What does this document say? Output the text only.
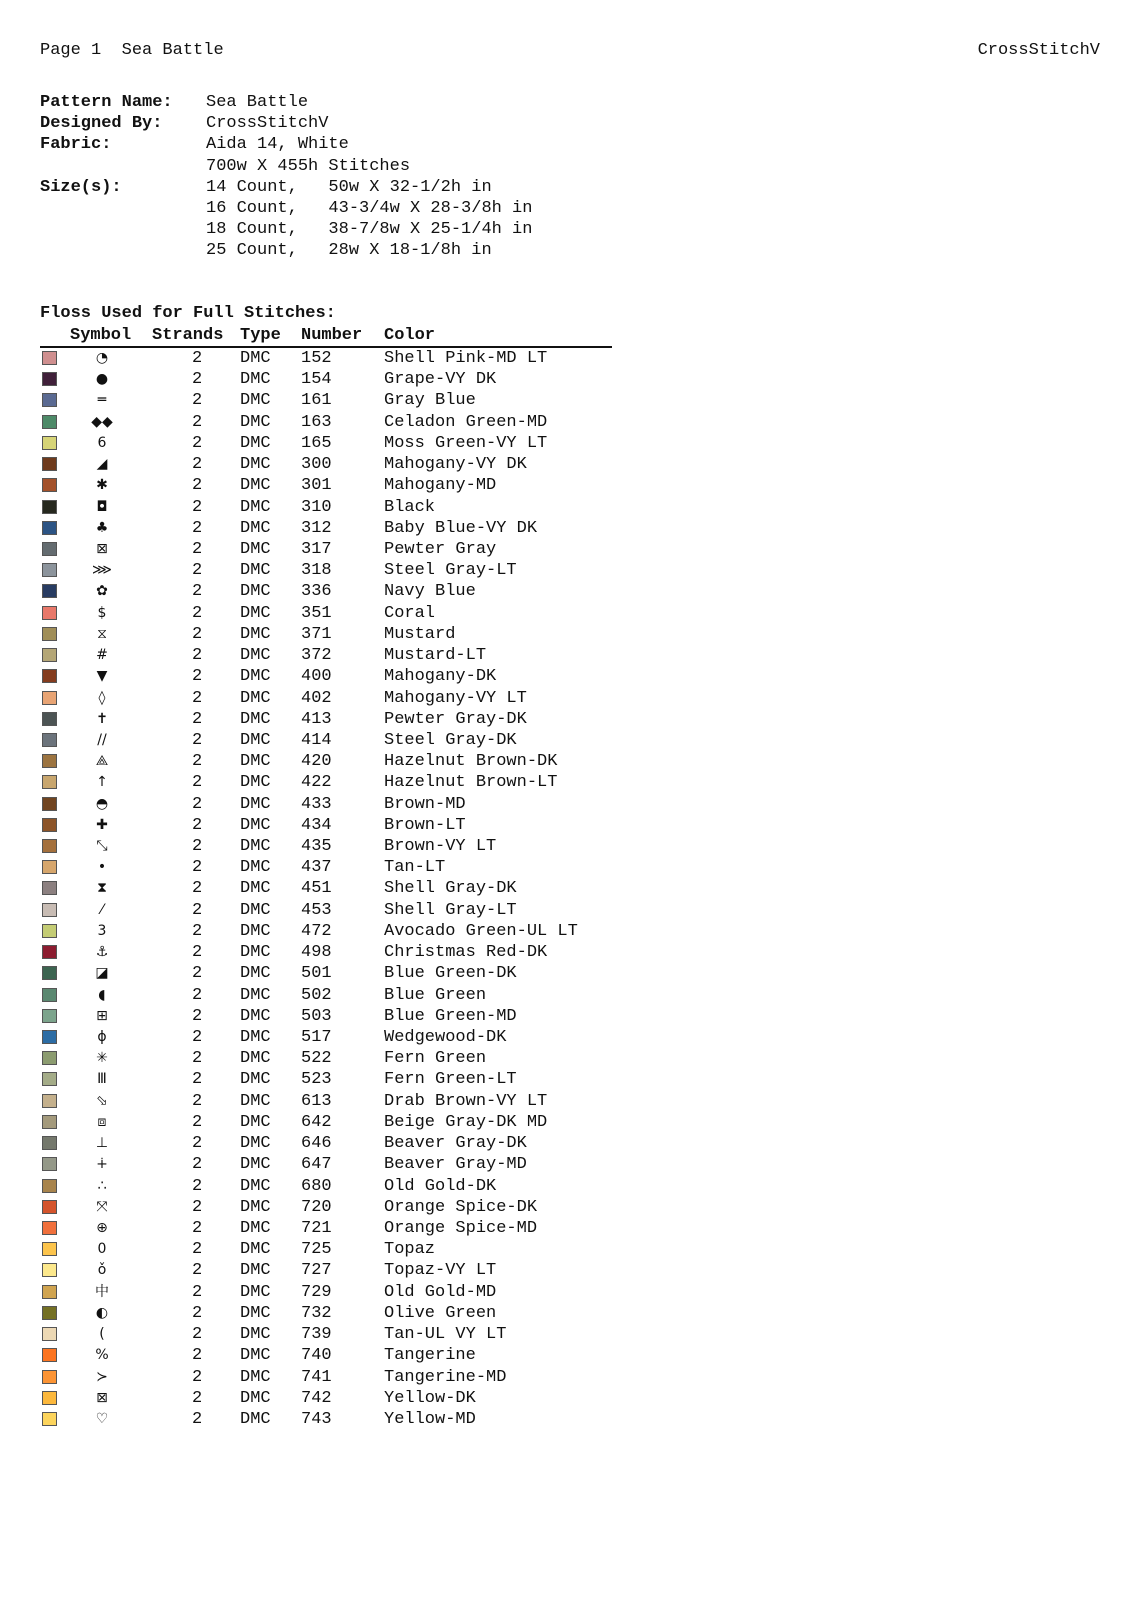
Page 1 Sea Battle	CrossStitchV
Pattern Name:	Sea Battle
Designed By:	CrossStitchV
Fabric:	Aida 14, White
700w X 455h Stitches
Size(s):	14 Count,   50w X 32-1/2h in
16 Count,   43-3/4w X 28-3/8h in
18 Count,   38-7/8w X 25-1/4h in
25 Count,   28w X 18-1/8h in
Floss Used for Full Stitches:
Symbol Strands Type Number Color
◔	2 DMC 152	Shell Pink-MD LT
●	2 DMC 154	Grape-VY DK
═	2 DMC 161	Gray Blue
◆◆	2 DMC 163	Celadon Green-MD
6	2 DMC 165	Moss Green-VY LT
◢	2 DMC 300	Mahogany-VY DK
✱	2 DMC 301	Mahogany-MD
◘	2 DMC 310	Black
♣	2 DMC 312	Baby Blue-VY DK
⊠	2 DMC 317	Pewter Gray
⋙	2 DMC 318	Steel Gray-LT
✿	2 DMC 336	Navy Blue
$	2 DMC 351	Coral
⧖	2 DMC 371	Mustard
#	2 DMC 372	Mustard-LT
▼	2 DMC 400	Mahogany-DK
◊	2 DMC 402	Mahogany-VY LT
✝	2 DMC 413	Pewter Gray-DK
//	2 DMC 414	Steel Gray-DK
⟁	2 DMC 420	Hazelnut Brown-DK
↑	2 DMC 422	Hazelnut Brown-LT
◓	2 DMC 433	Brown-MD
✚	2 DMC 434	Brown-LT
⤡	2 DMC 435	Brown-VY LT
•	2 DMC 437	Tan-LT
⧗	2 DMC 451	Shell Gray-DK
⁄	2 DMC 453	Shell Gray-LT
3	2 DMC 472	Avocado Green-UL LT
⚓	2 DMC 498	Christmas Red-DK
◪	2 DMC 501	Blue Green-DK
◖	2 DMC 502	Blue Green
⊞	2 DMC 503	Blue Green-MD
ɸ	2 DMC 517	Wedgewood-DK
✳	2 DMC 522	Fern Green
Ⅲ	2 DMC 523	Fern Green-LT
⬂	2 DMC 613	Drab Brown-VY LT
⧈	2 DMC 642	Beige Gray-DK MD
⊥	2 DMC 646	Beaver Gray-DK
∔	2 DMC 647	Beaver Gray-MD
∴	2 DMC 680	Old Gold-DK
⤧	2 DMC 720	Orange Spice-DK
⊕	2 DMC 721	Orange Spice-MD
0	2 DMC 725	Topaz
ǒ	2 DMC 727	Topaz-VY LT
中	2 DMC 729	Old Gold-MD
◐	2 DMC 732	Olive Green
(	2 DMC 739	Tan-UL VY LT
%	2 DMC 740	Tangerine
≻	2 DMC 741	Tangerine-MD
⊠	2 DMC 742	Yellow-DK
♡	2 DMC 743	Yellow-MD
